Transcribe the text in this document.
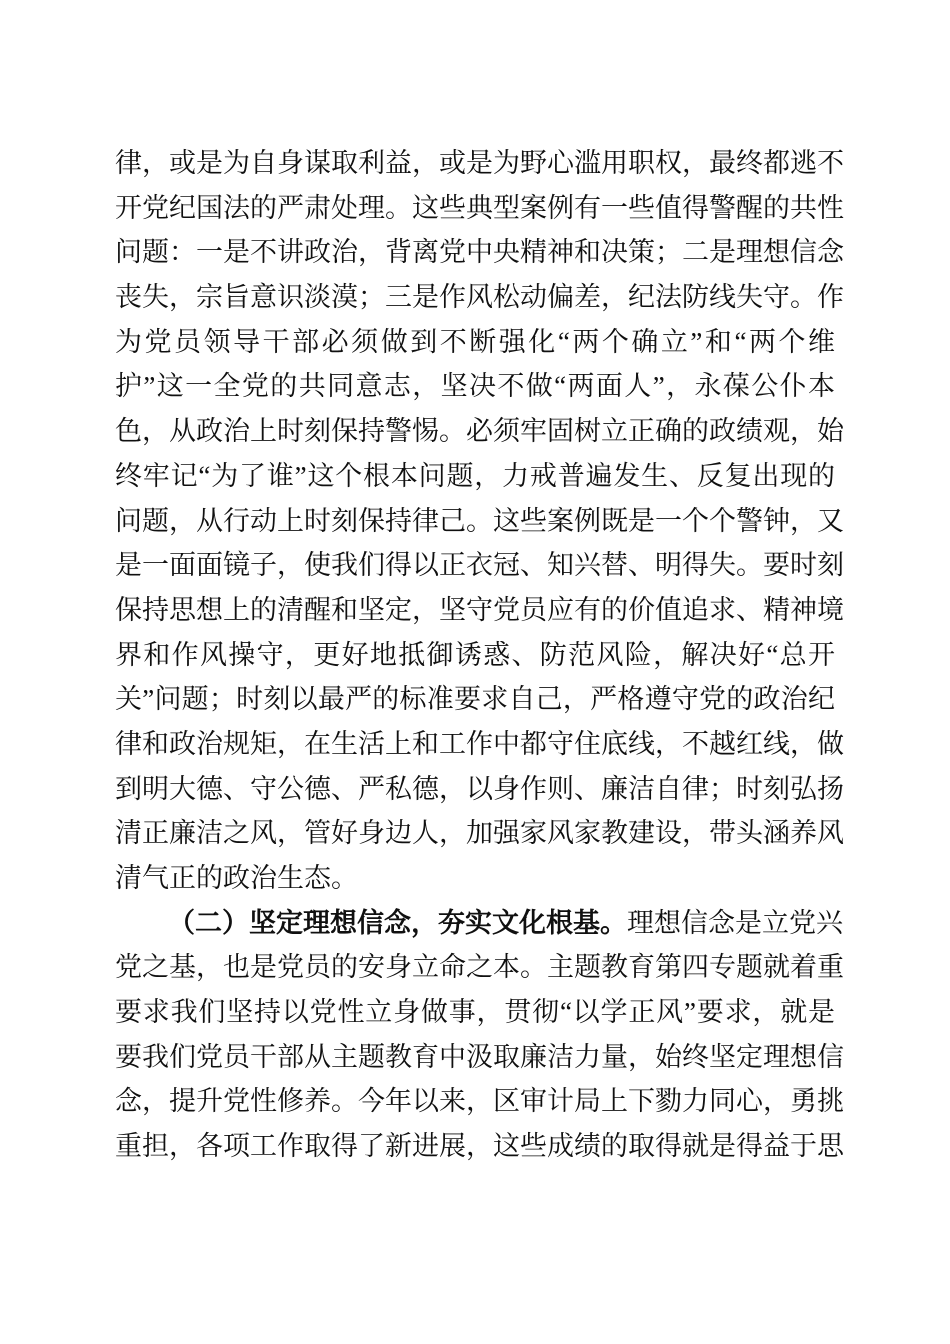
律，或是为自身谋取利益，或是为野心滥用职权，最终都逃不
开党纪国法的严肃处理。这些典型案例有一些值得警醒的共性
问题：一是不讲政治，背离党中央精神和决策；二是理想信念
丧失，宗旨意识淡漠；三是作风松动偏差，纪法防线失守。作
为党员领导干部必须做到不断强化“两个确立”和“两个维
护”这一全党的共同意志，坚决不做“两面人”，永葆公仆本
色，从政治上时刻保持警惕。必须牢固树立正确的政绩观，始
终牢记“为了谁”这个根本问题，力戒普遍发生、反复出现的
问题，从行动上时刻保持律己。这些案例既是一个个警钟，又
是一面面镜子，使我们得以正衣冠、知兴替、明得失。要时刻
保持思想上的清醒和坚定，坚守党员应有的价值追求、精神境
界和作风操守，更好地抵御诱惑、防范风险，解决好“总开
关”问题；时刻以最严的标准要求自己，严格遵守党的政治纪
律和政治规矩，在生活上和工作中都守住底线，不越红线，做
到明大德、守公德、严私德，以身作则、廉洁自律；时刻弘扬
清正廉洁之风，管好身边人，加强家风家教建设，带头涵养风
清气正的政治生态。
（二）坚定理想信念，夯实文化根基。理想信念是立党兴
党之基，也是党员的安身立命之本。主题教育第四专题就着重
要求我们坚持以党性立身做事，贯彻“以学正风”要求，就是
要我们党员干部从主题教育中汲取廉洁力量，始终坚定理想信
念，提升党性修养。今年以来，区审计局上下勠力同心，勇挑
重担，各项工作取得了新进展，这些成绩的取得就是得益于思
